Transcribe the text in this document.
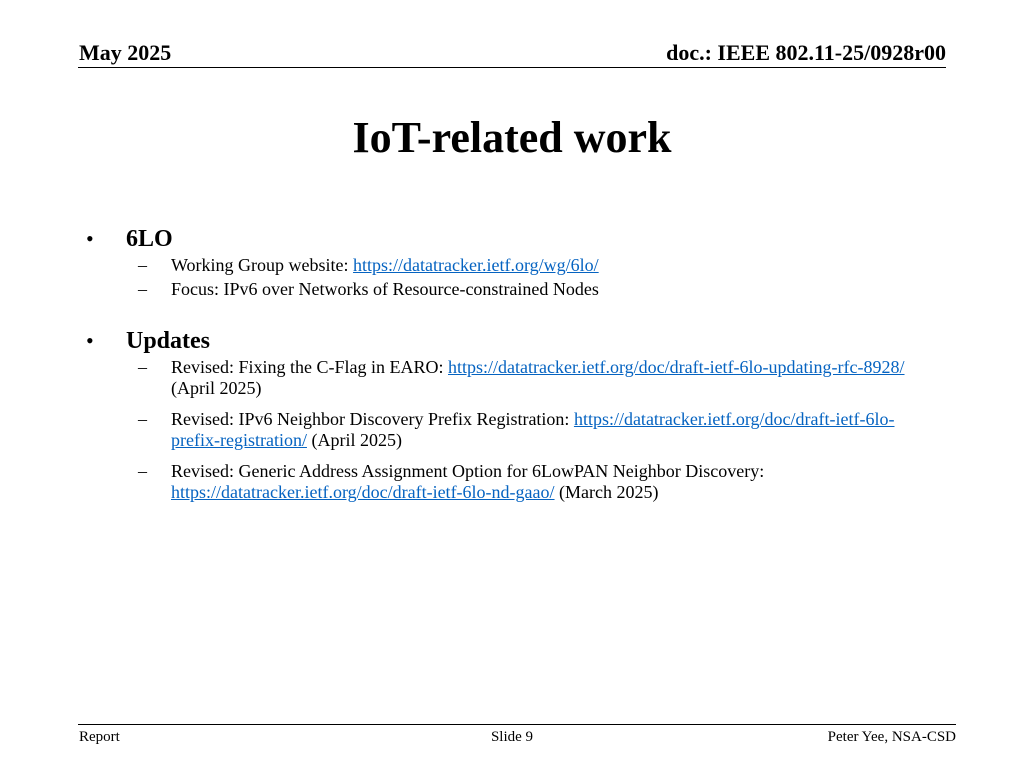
May 2025	doc.: IEEE 802.11-25/0928r00
IoT-related work
•	6LO
– Working Group website: https://datatracker.ietf.org/wg/6lo/
– Focus: IPv6 over Networks of Resource-constrained Nodes
•	Updates
– Revised: Fixing the C-Flag in EARO: https://datatracker.ietf.org/doc/draft-ietf-6lo-updating-rfc-8928/ (April 2025)
– Revised: IPv6 Neighbor Discovery Prefix Registration: https://datatracker.ietf.org/doc/draft-ietf-6lo-prefix-registration/ (April 2025)
– Revised: Generic Address Assignment Option for 6LowPAN Neighbor Discovery: https://datatracker.ietf.org/doc/draft-ietf-6lo-nd-gaao/ (March 2025)
Report	Slide 9	Peter Yee, NSA-CSD
